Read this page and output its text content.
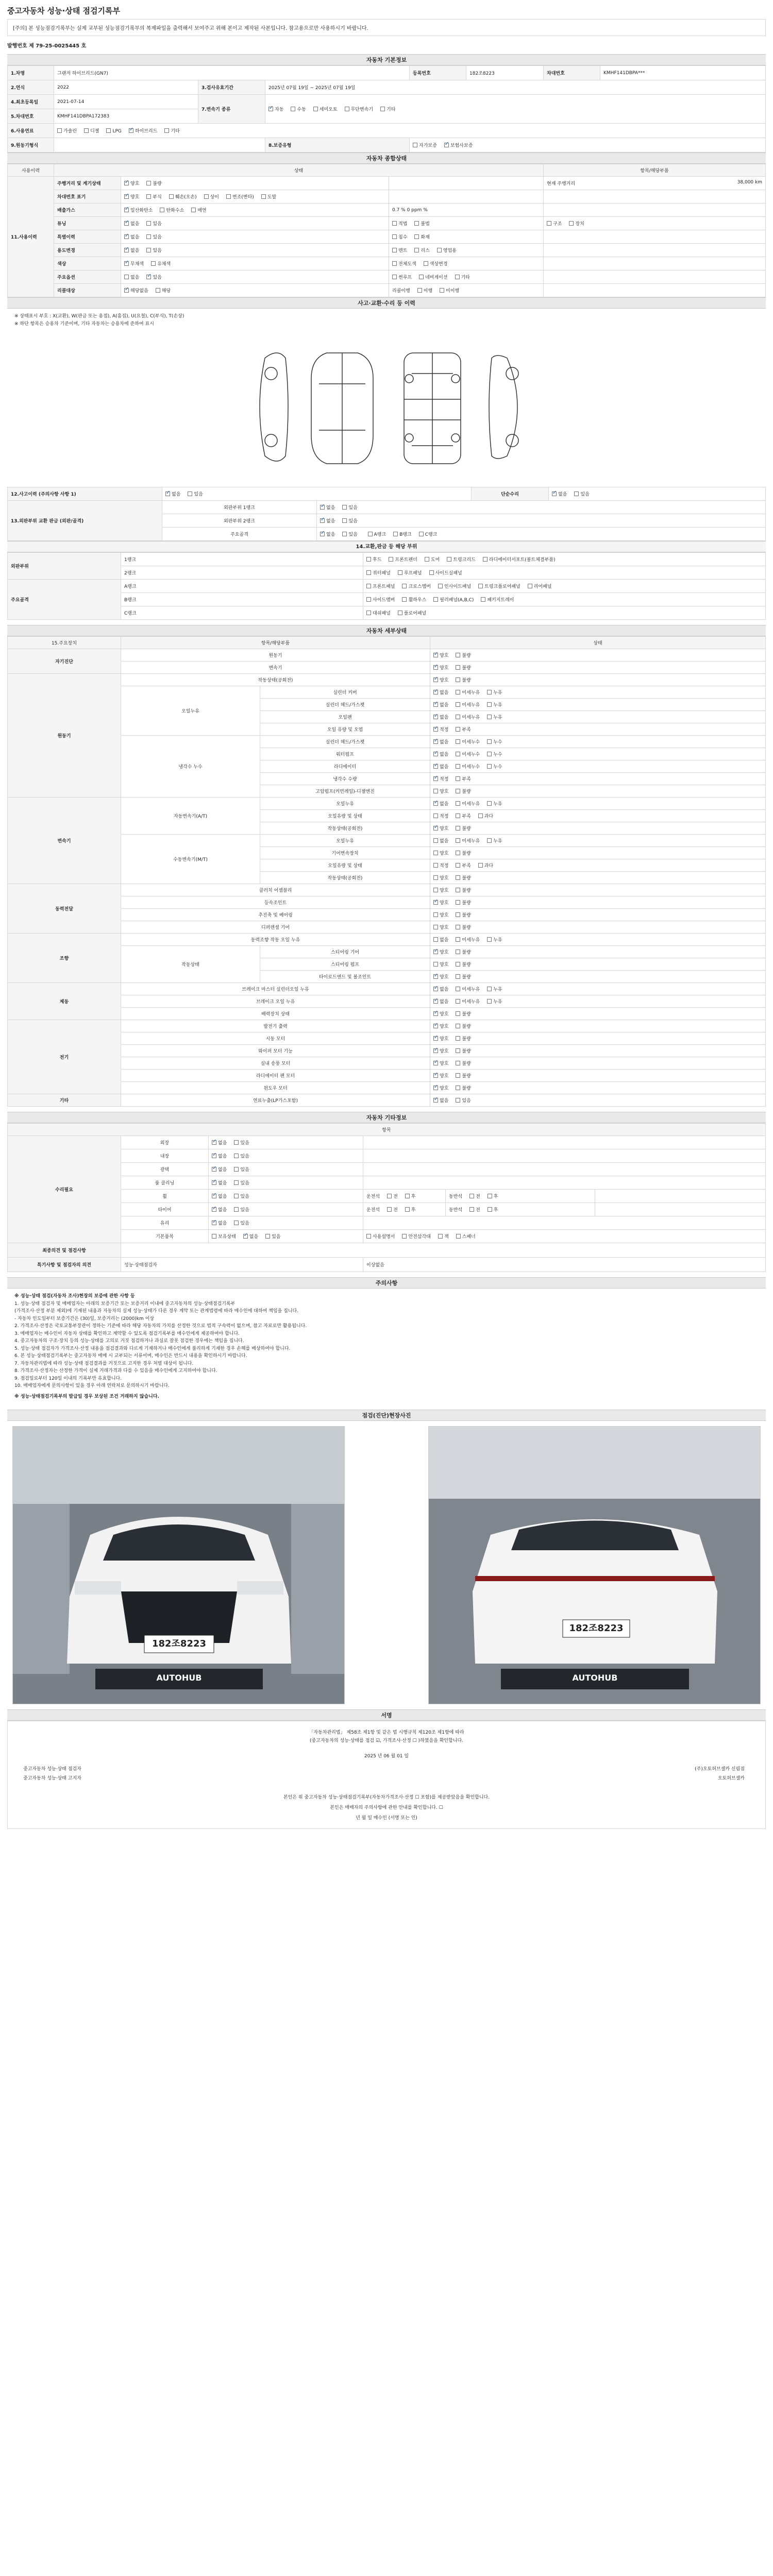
중고자동차 성능·상태 점검기록부
[주의] 본 성능점검기록부는 실제 교부된 성능점검기록부의 복제파일을 출력해서 보여주고 위해 본이고 제작된 사본입니다. 참고용으로만 사용하시기 바랍니다.
발행번호 제 79-25-0025445 호
자동차 기본정보
1.차명	그랜저 하이브리드(GN7)			등록번호	182조8223	차대번호	KMHF141DBPA***
2.연식	2022	3.검사유효기간	2025년 07월 19일 ~ 2025년 07월 19일				
4.최초등록일	2021-07-14	7.변속기 종류	✓자동 수동 세미오토 무단변속기 기타
5.차대번호	KMHF141DBPA172383						
6.사용연료	가솔린 디젤 LPG ✓ 하이브리드 기타
9.원동기형식			8.보증유형	자가보증 ✓ 보험사보증
자동차 종합상태
사용이력	상태			항목/해당부품
11.사용이력	주행거리 및 계기상태	✓양호 불량		현재 주행거리 38,000 km

	차대번호 표기	✓양호 부식 훼손(오손) 상이 변조(변타) 도말		
	배출가스	✓일산화탄소 탄화수소 매연	0.7 % 0 ppm %	
	튜닝	✓없음 있음	적법 불법	구조 장치
	특별이력	✓없음 있음	침수 화재	
	용도변경	✓없음 있음	렌트 리스 영업용	
	색상	✓무채색 유채색	전체도색 색상변경	
	주요옵션	없음 ✓ 있음	썬루프 네비게이션 기타	
	리콜대상	✓해당없음 해당	리콜이행 이행 미이행	
사고·교환·수리 등 이력
※ 상태표시 부호 : X(교환), W(판금 또는 용접), A(흠집), U(요철), C(부식), T(손상)
※ 하단 항목은 승용차 기준이며, 기타 자동차는 승용차에 준하여 표시
12.사고이력 (주의사항 사항 1)	✓없음 있음		단순수리	✓없음 있음
13.외판부위 교환 판금 (외판/골격)	외판부위 1랭크	✓없음 있음
	외판부위 2랭크	✓없음 있음
	주요골격	✓없음 있음 A랭크 B랭크 C랭크
14.교환,판금 등 해당 부위
외판부위	1랭크	후드 프론트펜더 도어 트렁크리드 라디에이터서포트(볼트체결부품)
	2랭크	쿼터패널 루프패널 사이드실패널
주요골격	A랭크	프론트패널 크로스멤버 인사이드패널 트렁크플로어패널 리어패널
	B랭크	사이드멤버 휠하우스 필러패널(A,B,C) 패키지트레이
	C랭크	대쉬패널 플로어패널
자동차 세부상태
15.주요장치	항목/해당부품		상태
자기진단	원동기	✓양호 불량
	변속기	✓양호 불량
원동기	작동상태(공회전)	✓양호 불량
	오일누유	실린더 커버	✓없음 미세누유 누유
		실린더 헤드/가스켓	✓없음 미세누유 누유
		오일팬	✓없음 미세누유 누유
		오일 유량 및 오염	✓적정 부족
	냉각수 누수	실린더 헤드/가스켓	✓없음 미세누수 누수
		워터펌프	✓없음 미세누수 누수
		라디에이터	✓없음 미세누수 누수
		냉각수 수량	✓적정 부족
		고압펌프(커먼레일)-디젤엔진	양호 불량
변속기	자동변속기(A/T)	오일누유	✓없음 미세누유 누유
		오일유량 및 상태	적정 부족 과다
		작동상태(공회전)	✓양호 불량
	수동변속기(M/T)	오일누유	없음 미세누유 누유
		기어변속장치	양호 불량
		오일유량 및 상태	적정 부족 과다
		작동상태(공회전)	양호 불량
동력전달	클러치 어셈블리		양호 불량
	등속조인트	✓양호 불량
	추진축 및 베어링		양호 불량
	디퍼렌셜 기어		양호 불량
조향	동력조향 작동 오일 누유		없음 미세누유 누유
	작동상태	스티어링 기어	✓양호 불량
		스티어링 펌프	양호 불량
		타이로드엔드 및 볼조인트	✓양호 불량
제동	브레이크 마스터 실린더오일 누유	✓없음 미세누유 누유
	브레이크 오일 누유	✓없음 미세누유 누유
	배력장치 상태	✓양호 불량
전기	발전기 출력	✓양호 불량
	시동 모터	✓양호 불량
	와이퍼 모터 기능	✓양호 불량
	실내 송풍 모터	✓양호 불량
	라디에이터 팬 모터	✓양호 불량
	윈도우 모터	✓양호 불량
기타	연료누출(LP가스포함)	✓없음 있음
자동차 기타정보
항목					
수리필요	외장	✓없음 있음	
	내장	✓없음 있음	
	광택	✓없음 있음	
	룸 클리닝	✓없음 있음	
	휠	✓없음 있음	운전석 전 후	동반석 전 후	
	타이어	✓없음 있음	운전석 전 후	동반석 전 후	
	유리	✓없음 있음	
	기본품목	보유상태 ✓ 없음 있음	사용설명서 안전삼각대 잭 스패너		
최종의견 및 점검사항					
특기사항 및 점검자의 의견	성능·상태점검자		이상없음		
주의사항

※ 성능·상태 점검(자동차 조사)현장의 보증에 관한 사항 등

1. 성능·상태 점검자 및 매매업자는 아래의 보증기간 또는 보증거리 이내에 중고자동차의 성능·상태점검기록부

(가격조사·산정 부분 제외)에 기재된 내용과 자동차의 실제 성능·상태가 다른 경우 계약 또는 관계법령에 따라 매수인에 대하여 책임을 집니다.

- 자동차 인도일부터 보증기간은 (30)일, 보증거리는 (2000)km 이상

2. 가격조사·산정은 국토교통부장관이 정하는 기준에 따라 해당 자동차의 가치를 산정한 것으로 법적 구속력이 없으며, 참고 자료로만 활용됩니다.

3. 매매업자는 매수인이 자동차 상태를 확인하고 계약할 수 있도록 점검기록부를 매수인에게 제공하여야 합니다.

4. 중고자동차의 구조·장치 등의 성능·상태를 고의로 거짓 점검하거나 과실로 잘못 점검한 경우에는 책임을 집니다.

5. 성능·상태 점검자가 가격조사·산정 내용을 점검결과와 다르게 기재하거나 매수인에게 불리하게 기재한 경우 손해를 배상하여야 합니다.

6. 본 성능·상태점검기록부는 중고자동차 매매 시 교부되는 서류이며, 매수인은 반드시 내용을 확인하시기 바랍니다.

7. 자동차관리법에 따라 성능·상태 점검결과를 거짓으로 고지한 경우 처벌 대상이 됩니다.

8. 가격조사·산정자는 산정한 가격이 실제 거래가격과 다를 수 있음을 매수인에게 고지하여야 합니다.

9. 점검일로부터 120일 이내의 기록부만 유효합니다.

10. 매매업자에게 문의사항이 있을 경우 아래 연락처로 문의하시기 바랍니다.

※ 성능·상태점검기록부의 발급일 경우 보상된 조건 거래하지 않습니다.

점검(진단)현장사진
182조8223
AUTOHUB
182조8223
AUTOHUB
서명

「자동차관리법」 제58조 제1항 및 같은 법 시행규칙 제120조 제1항에 따라

(중고자동차의 성능·상태를 점검 ☑, 가격조사·산정 ☐ )하였음을 확인합니다.

2025 년 06 월 01 일

중고자동차 성능·상태 점검자	(주)오토허브셀카 신림점

중고자동차 성능·상태 고지자	오토허브셀카

본인은 위 중고자동차 성능·상태점검기록부(자동차가격조사·산정 ☐ 포함)를 제공받았음을 확인합니다.

본인은 매매자의 주의사항에 관한 안내를 확인합니다. ☐

년 월 일 매수인 (서명 또는 인)
